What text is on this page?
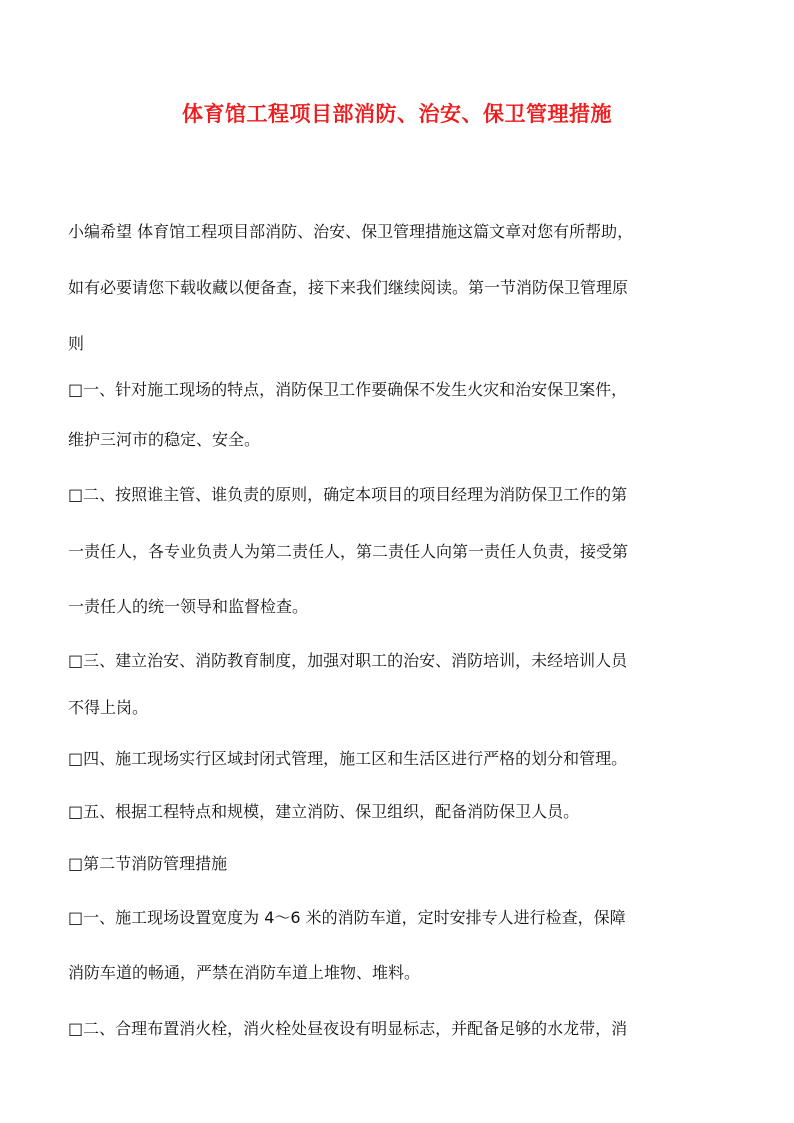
体育馆工程项目部消防、治安、保卫管理措施
小编希望 体育馆工程项目部消防、治安、保卫管理措施这篇文章对您有所帮助，
如有必要请您下载收藏以便备查，接下来我们继续阅读。第一节消防保卫管理原
则
□一、针对施工现场的特点，消防保卫工作要确保不发生火灾和治安保卫案件，
维护三河市的稳定、安全。
□二、按照谁主管、谁负责的原则，确定本项目的项目经理为消防保卫工作的第
一责任人，各专业负责人为第二责任人，第二责任人向第一责任人负责，接受第
一责任人的统一领导和监督检查。
□三、建立治安、消防教育制度，加强对职工的治安、消防培训，未经培训人员
不得上岗。
□四、施工现场实行区域封闭式管理，施工区和生活区进行严格的划分和管理。
□五、根据工程特点和规模，建立消防、保卫组织，配备消防保卫人员。
□第二节消防管理措施
□一、施工现场设置宽度为 4～6 米的消防车道，定时安排专人进行检查，保障
消防车道的畅通，严禁在消防车道上堆物、堆料。
□二、合理布置消火栓，消火栓处昼夜设有明显标志，并配备足够的水龙带，消
